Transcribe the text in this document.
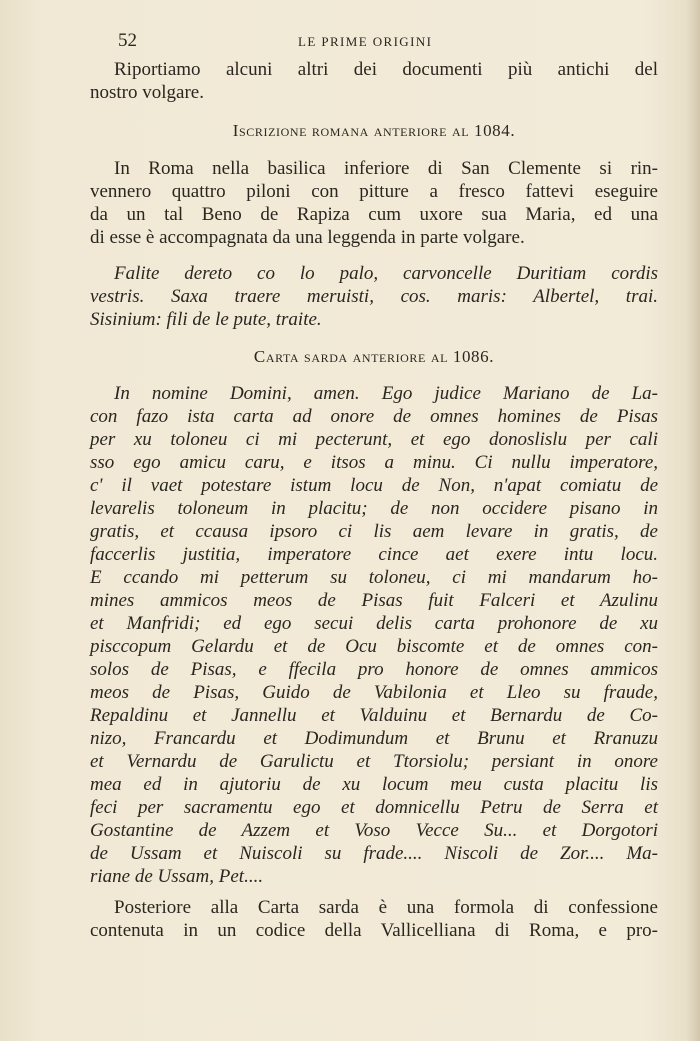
52	LE PRIME ORIGINI

Riportiamo alcuni altri dei documenti più antichi del
nostro volgare.

Iscrizione romana anteriore al 1084.

In Roma nella basilica inferiore di San Clemente si rin-
vennero quattro piloni con pitture a fresco fattevi eseguire
da un tal Beno de Rapiza cum uxore sua Maria, ed una
di esse è accompagnata da una leggenda in parte volgare.

Falite dereto co lo palo, carvoncelle Duritiam cordis
vestris. Saxa traere meruisti, cos. maris: Albertel, trai.
Sisinium: fili de le pute, traite.

Carta sarda anteriore al 1086.

In nomine Domini, amen. Ego judice Mariano de La-
con fazo ista carta ad onore de omnes homines de Pisas
per xu toloneu ci mi pecterunt, et ego donoslislu per cali
sso ego amicu caru, e itsos a minu. Ci nullu imperatore,
c' il vaet potestare istum locu de Non, n'apat comiatu de
levarelis toloneum in placitu; de non occidere pisano in
gratis, et ccausa ipsoro ci lis aem levare in gratis, de
faccerlis justitia, imperatore cince aet exere intu locu.
E ccando mi petterum su toloneu, ci mi mandarum ho-
mines ammicos meos de Pisas fuit Falceri et Azulinu
et Manfridi; ed ego secui delis carta prohonore de xu
pisccopum Gelardu et de Ocu biscomte et de omnes con-
solos de Pisas, e ffecila pro honore de omnes ammicos
meos de Pisas, Guido de Vabilonia et Lleo su fraude,
Repaldinu et Jannellu et Valduinu et Bernardu de Co-
nizo, Francardu et Dodimundum et Brunu et Rranuzu
et Vernardu de Garulictu et Ttorsiolu; persiant in onore
mea ed in ajutoriu de xu locum meu custa placitu lis
feci per sacramentu ego et domnicellu Petru de Serra et
Gostantine de Azzem et Voso Vecce Su... et Dorgotori
de Ussam et Nuiscoli su frade.... Niscoli de Zor.... Ma-
riane de Ussam, Pet....

Posteriore alla Carta sarda è una formola di confessione
contenuta in un codice della Vallicelliana di Roma, e pro-
